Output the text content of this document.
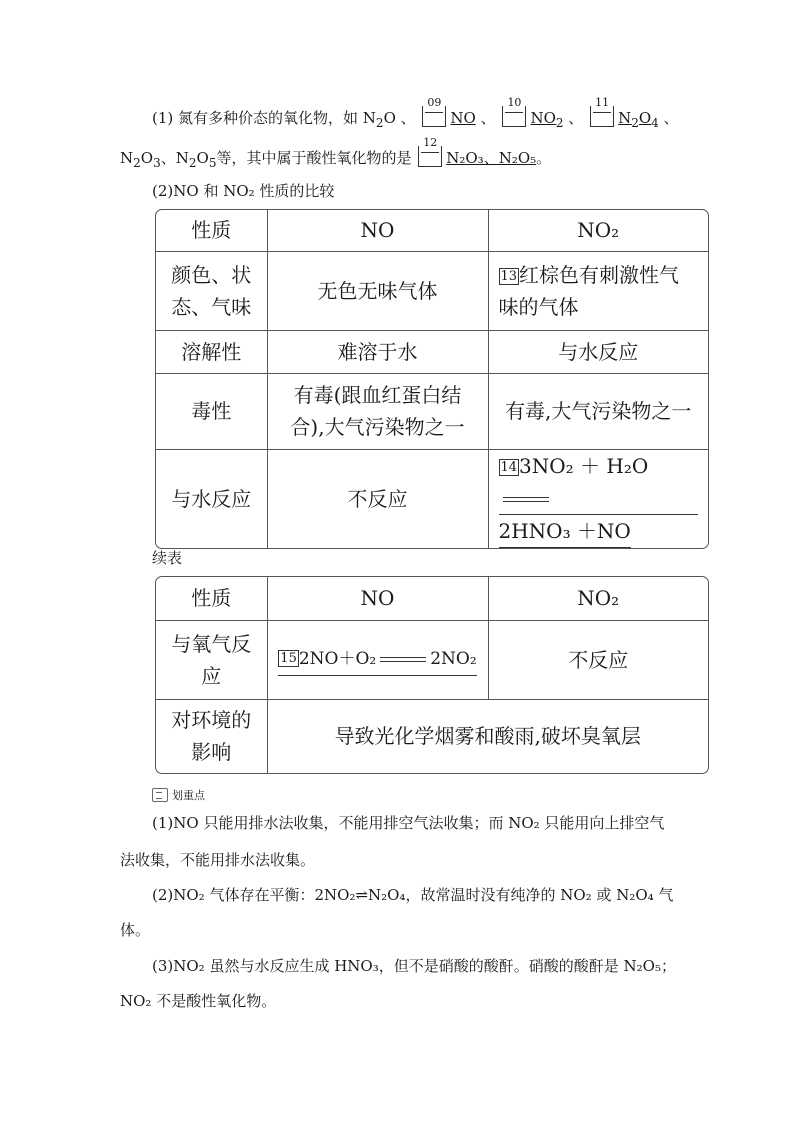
(1) 氮有多种价态的氧化物，如 $N_2O$ 、
09
NO 、
10
$NO_2$ 、
11
$N_2O_4$ 、
$N_2O_3$、$N_2O_5$等，其中属于酸性氧化物的是
12
N₂O₃、N₂O₅。
(2)NO 和 NO₂ 性质的比较
性质	NO	NO₂
颜色、状态、气味	无色无味气体	13 红棕色有刺激性气味的气体
溶解性	难溶于水	与水反应
毒性	有毒(跟血红蛋白结合),大气污染物之一	有毒,大气污染物之一
与水反应	不反应	14 3NO₂ ＋ H₂O
2HNO₃ ＋NO
续表
性质	NO	NO₂
与氧气反应	15 2NO＋O₂ 2NO₂	不反应
对环境的影响	导致光化学烟雾和酸雨,破坏臭氧层	
划重点
(1)NO 只能用排水法收集，不能用排空气法收集；而 NO₂ 只能用向上排空气
法收集，不能用排水法收集。
(2)NO₂ 气体存在平衡：2NO₂⇌N₂O₄，故常温时没有纯净的 NO₂ 或 N₂O₄ 气
体。
(3)NO₂ 虽然与水反应生成 HNO₃，但不是硝酸的酸酐。硝酸的酸酐是 N₂O₅；
NO₂ 不是酸性氧化物。
